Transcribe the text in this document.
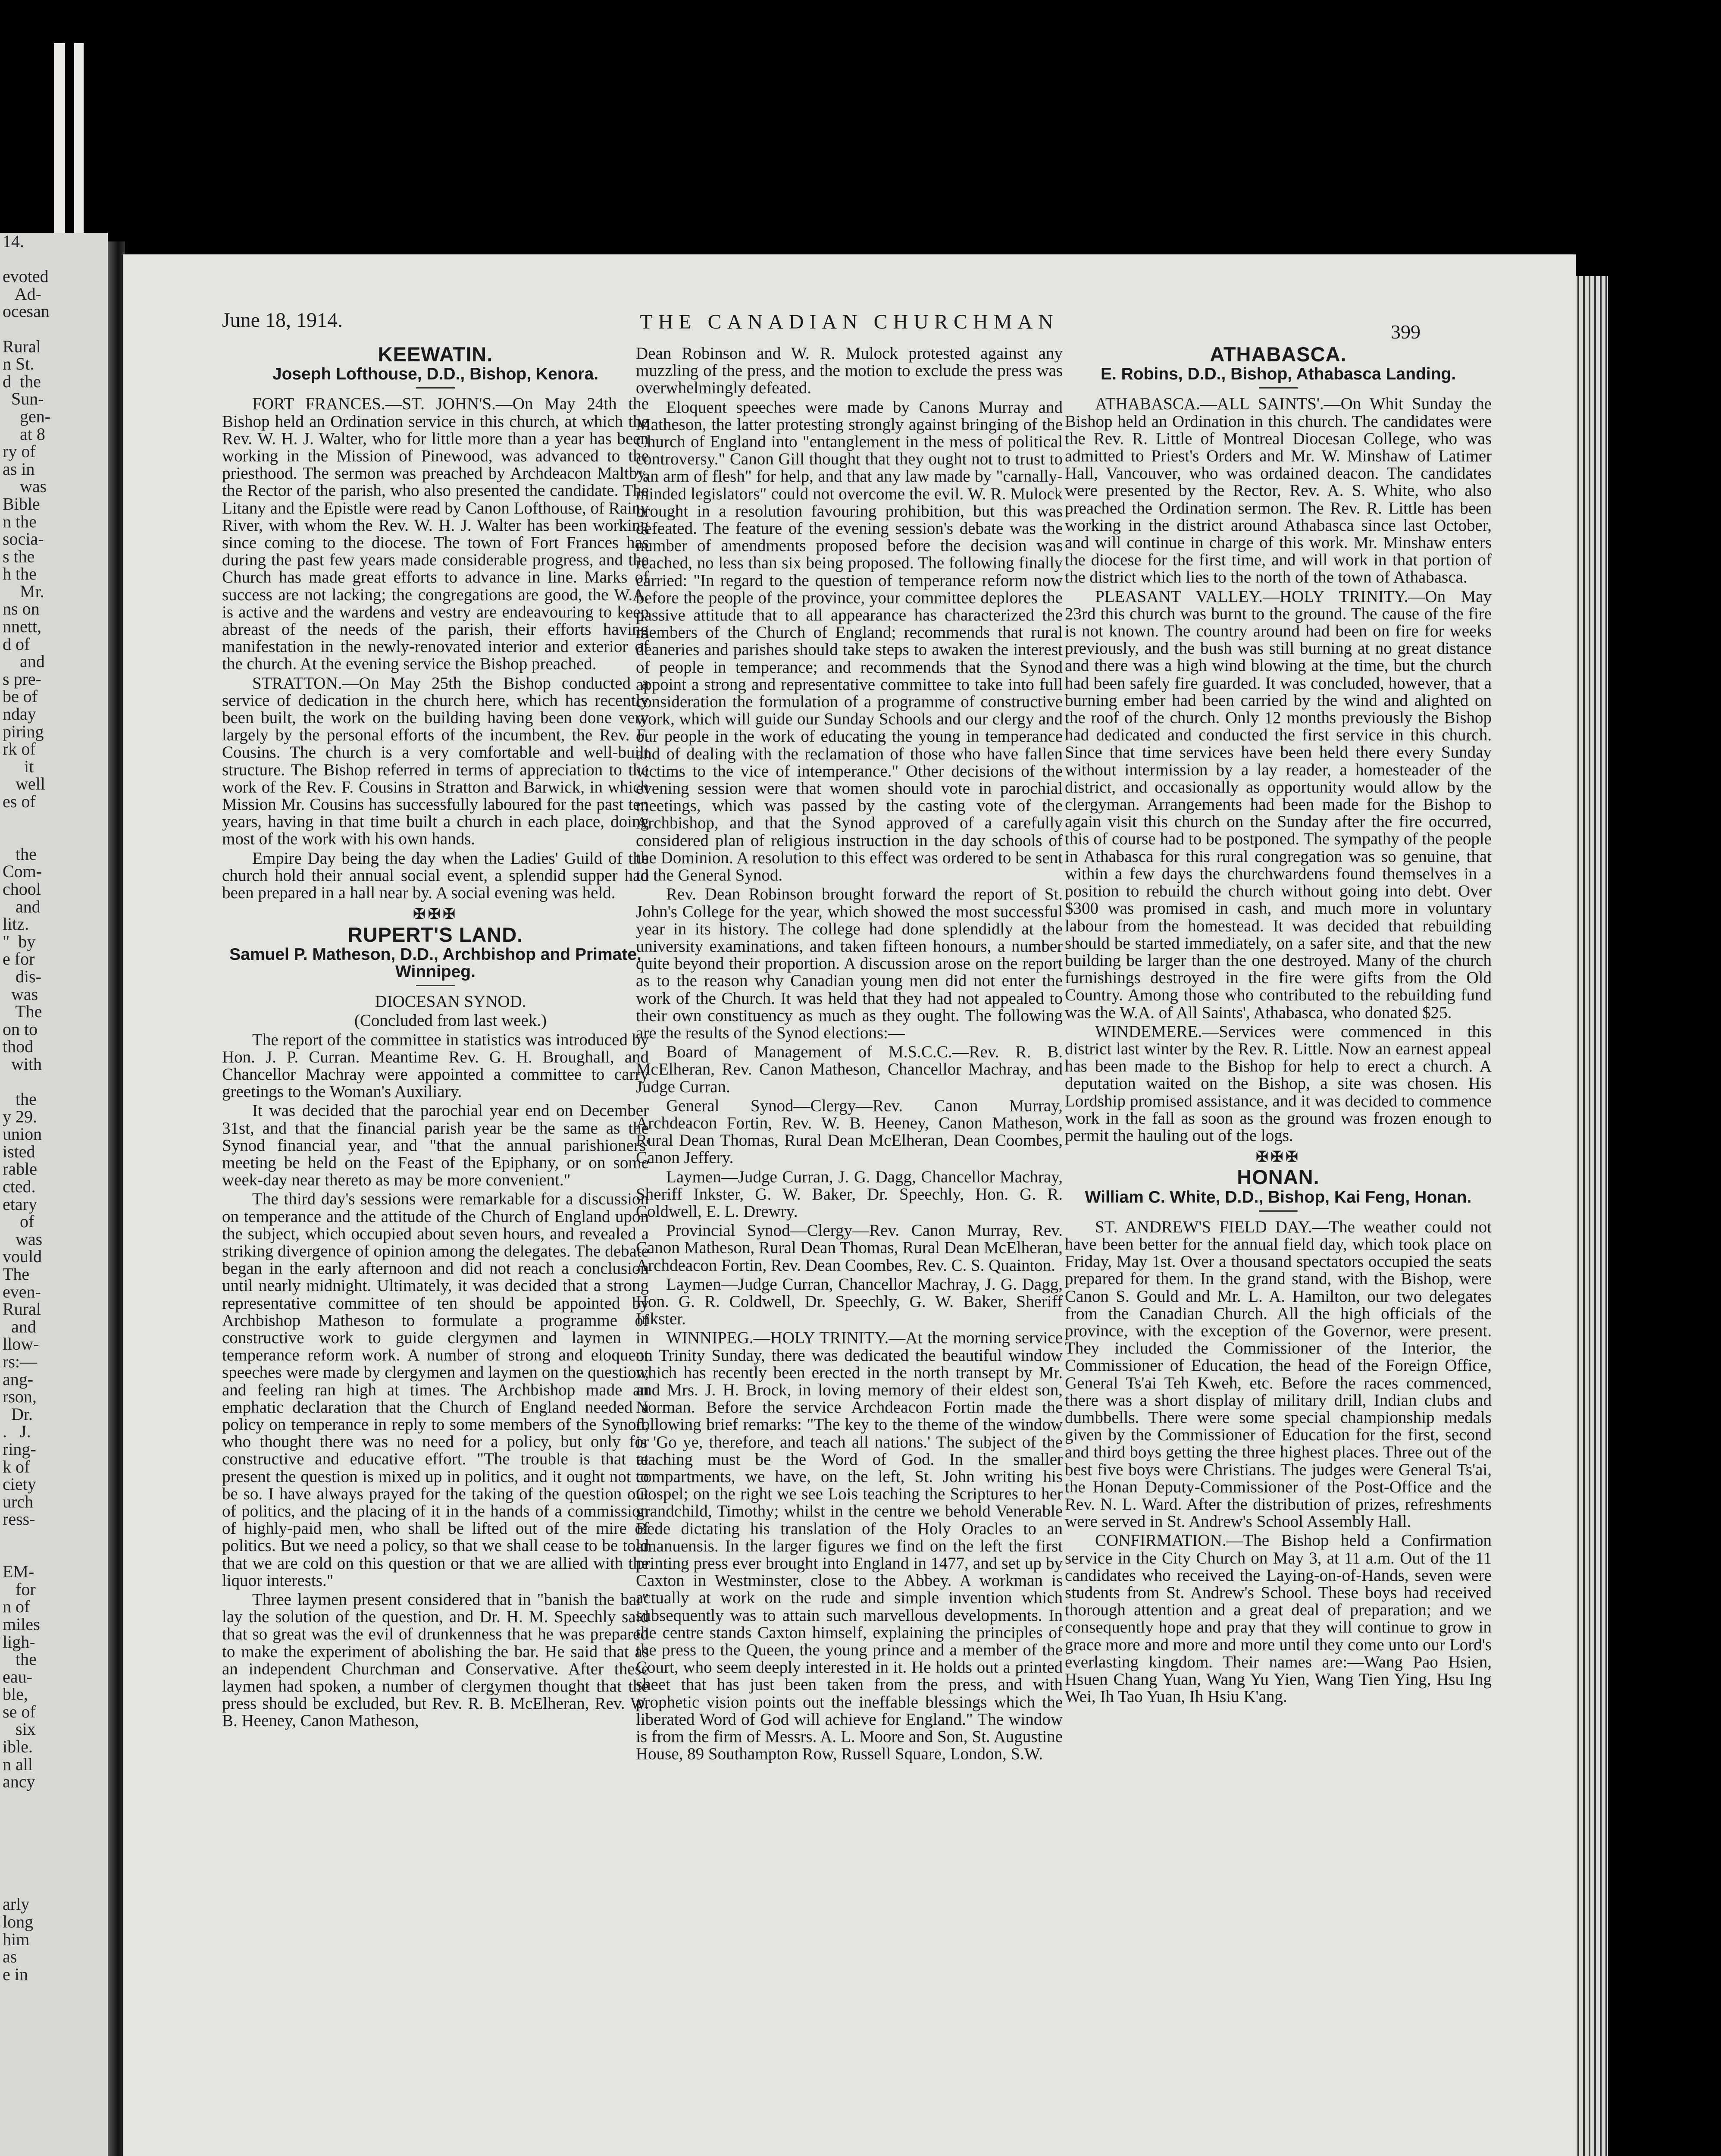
14.

evoted
Ad-
ocesan

Rural
n St.
d  the
Sun-
gen-
at 8
ry of
as in
was
Bible
n the
socia-
s the
h the
Mr.
ns on
nnett,
d of
and
s pre-
be of
nday
piring
rk of
it
well
es of

the
Com-
chool
and
litz.
"  by
e for
dis-
was
The
on to
thod
with

the
y 29.
union
isted
rable
cted.
etary
of
was
vould
The
even-
Rural
and
llow-
rs:—
ang-
rson,
Dr.
.   J.
ring-
k of
ciety
urch
ress-

EM-
for
n of
miles
ligh-
the
eau-
ble,
se of
six
ible.
n all
ancy

arly
long
him
as
e in
June 18, 1914.	THE CANADIAN CHURCHMAN	399
KEEWATIN.
Joseph Lofthouse, D.D., Bishop, Kenora.

FORT FRANCES.—ST. JOHN'S.—On May 24th the Bishop held an Ordination service in this church, at which the Rev. W. H. J. Walter, who for little more than a year has been working in the Mission of Pinewood, was advanced to the priesthood. The sermon was preached by Archdeacon Maltby, the Rector of the parish, who also presented the candidate. The Litany and the Epistle were read by Canon Lofthouse, of Rainy River, with whom the Rev. W. H. J. Walter has been working since coming to the diocese. The town of Fort Frances has during the past few years made considerable progress, and the Church has made great efforts to advance in line. Marks of success are not lacking; the congregations are good, the W.A. is active and the wardens and vestry are endeavouring to keep abreast of the needs of the parish, their efforts having manifestation in the newly-renovated interior and exterior of the church. At the evening service the Bishop preached.

STRATTON.—On May 25th the Bishop conducted a service of dedication in the church here, which has recently been built, the work on the building having been done very largely by the personal efforts of the incumbent, the Rev. F. Cousins. The church is a very comfortable and well-built structure. The Bishop referred in terms of appreciation to the work of the Rev. F. Cousins in Stratton and Barwick, in which Mission Mr. Cousins has successfully laboured for the past ten years, having in that time built a church in each place, doing most of the work with his own hands.

Empire Day being the day when the Ladies' Guild of the church hold their annual social event, a splendid supper had been prepared in a hall near by. A social evening was held.

✠✠✠
RUPERT'S LAND.
Samuel P. Matheson, D.D., Archbishop and Primate, Winnipeg.

DIOCESAN SYNOD.

(Concluded from last week.)

The report of the committee in statistics was introduced by Hon. J. P. Curran. Meantime Rev. G. H. Broughall, and Chancellor Machray were appointed a committee to carry greetings to the Woman's Auxiliary.

It was decided that the parochial year end on December 31st, and that the financial parish year be the same as the Synod financial year, and "that the annual parishioners' meeting be held on the Feast of the Epiphany, or on some week-day near thereto as may be more convenient."

The third day's sessions were remarkable for a discussion on temperance and the attitude of the Church of England upon the subject, which occupied about seven hours, and revealed a striking divergence of opinion among the delegates. The debate began in the early afternoon and did not reach a conclusion until nearly midnight. Ultimately, it was decided that a strong representative committee of ten should be appointed by Archbishop Matheson to formulate a programme of constructive work to guide clergymen and laymen in temperance reform work. A number of strong and eloquent speeches were made by clergymen and laymen on the question, and feeling ran high at times. The Archbishop made an emphatic declaration that the Church of England needed a policy on temperance in reply to some members of the Synod, who thought there was no need for a policy, but only for constructive and educative effort. "The trouble is that at present the question is mixed up in politics, and it ought not to be so. I have always prayed for the taking of the question out of politics, and the placing of it in the hands of a commission of highly-paid men, who shall be lifted out of the mire of politics. But we need a policy, so that we shall cease to be told that we are cold on this question or that we are allied with the liquor interests."

Three laymen present considered that in "banish the bar" lay the solution of the question, and Dr. H. M. Speechly said that so great was the evil of drunkenness that he was prepared to make the experiment of abolishing the bar. He said that as an independent Churchman and Conservative. After these laymen had spoken, a number of clergymen thought that the press should be excluded, but Rev. R. B. McElheran, Rev. W. B. Heeney, Canon Matheson,

Dean Robinson and W. R. Mulock protested against any muzzling of the press, and the motion to exclude the press was overwhelmingly defeated.

Eloquent speeches were made by Canons Murray and Matheson, the latter protesting strongly against bringing of the Church of England into "entanglement in the mess of political controversy." Canon Gill thought that they ought not to trust to "an arm of flesh" for help, and that any law made by "carnally-minded legislators" could not overcome the evil. W. R. Mulock brought in a resolution favouring prohibition, but this was defeated. The feature of the evening session's debate was the number of amendments proposed before the decision was reached, no less than six being proposed. The following finally carried: "In regard to the question of temperance reform now before the people of the province, your committee deplores the passive attitude that to all appearance has characterized the members of the Church of England; recommends that rural deaneries and parishes should take steps to awaken the interest of people in temperance; and recommends that the Synod appoint a strong and representative committee to take into full consideration the formulation of a programme of constructive work, which will guide our Sunday Schools and our clergy and our people in the work of educating the young in temperance and of dealing with the reclamation of those who have fallen victims to the vice of intemperance." Other decisions of the evening session were that women should vote in parochial meetings, which was passed by the casting vote of the Archbishop, and that the Synod approved of a carefully considered plan of religious instruction in the day schools of the Dominion. A resolution to this effect was ordered to be sent to the General Synod.

Rev. Dean Robinson brought forward the report of St. John's College for the year, which showed the most successful year in its history. The college had done splendidly at the university examinations, and taken fifteen honours, a number quite beyond their proportion. A discussion arose on the report as to the reason why Canadian young men did not enter the work of the Church. It was held that they had not appealed to their own constituency as much as they ought. The following are the results of the Synod elections:—

Board of Management of M.S.C.C.—Rev. R. B. McElheran, Rev. Canon Matheson, Chancellor Machray, and Judge Curran.

General Synod—Clergy—Rev. Canon Murray, Archdeacon Fortin, Rev. W. B. Heeney, Canon Matheson, Rural Dean Thomas, Rural Dean McElheran, Dean Coombes, Canon Jeffery.

Laymen—Judge Curran, J. G. Dagg, Chancellor Machray, Sheriff Inkster, G. W. Baker, Dr. Speechly, Hon. G. R. Coldwell, E. L. Drewry.

Provincial Synod—Clergy—Rev. Canon Murray, Rev. Canon Matheson, Rural Dean Thomas, Rural Dean McElheran, Archdeacon Fortin, Rev. Dean Coombes, Rev. C. S. Quainton.

Laymen—Judge Curran, Chancellor Machray, J. G. Dagg, Hon. G. R. Coldwell, Dr. Speechly, G. W. Baker, Sheriff Inkster.

WINNIPEG.—HOLY TRINITY.—At the morning service on Trinity Sunday, there was dedicated the beautiful window which has recently been erected in the north transept by Mr. and Mrs. J. H. Brock, in loving memory of their eldest son, Norman. Before the service Archdeacon Fortin made the following brief remarks: "The key to the theme of the window is 'Go ye, therefore, and teach all nations.' The subject of the teaching must be the Word of God. In the smaller compartments, we have, on the left, St. John writing his Gospel; on the right we see Lois teaching the Scriptures to her grandchild, Timothy; whilst in the centre we behold Venerable Bede dictating his translation of the Holy Oracles to an amanuensis. In the larger figures we find on the left the first printing press ever brought into England in 1477, and set up by Caxton in Westminster, close to the Abbey. A workman is actually at work on the rude and simple invention which subsequently was to attain such marvellous developments. In the centre stands Caxton himself, explaining the principles of the press to the Queen, the young prince and a member of the Court, who seem deeply interested in it. He holds out a printed sheet that has just been taken from the press, and with prophetic vision points out the ineffable blessings which the liberated Word of God will achieve for England." The window is from the firm of Messrs. A. L. Moore and Son, St. Augustine House, 89 Southampton Row, Russell Square, London, S.W.

ATHABASCA.
E. Robins, D.D., Bishop, Athabasca Landing.

ATHABASCA.—ALL SAINTS'.—On Whit Sunday the Bishop held an Ordination in this church. The candidates were the Rev. R. Little of Montreal Diocesan College, who was admitted to Priest's Orders and Mr. W. Minshaw of Latimer Hall, Vancouver, who was ordained deacon. The candidates were presented by the Rector, Rev. A. S. White, who also preached the Ordination sermon. The Rev. R. Little has been working in the district around Athabasca since last October, and will continue in charge of this work. Mr. Minshaw enters the diocese for the first time, and will work in that portion of the district which lies to the north of the town of Athabasca.

PLEASANT VALLEY.—HOLY TRINITY.—On May 23rd this church was burnt to the ground. The cause of the fire is not known. The country around had been on fire for weeks previously, and the bush was still burning at no great distance and there was a high wind blowing at the time, but the church had been safely fire guarded. It was concluded, however, that a burning ember had been carried by the wind and alighted on the roof of the church. Only 12 months previously the Bishop had dedicated and conducted the first service in this church. Since that time services have been held there every Sunday without intermission by a lay reader, a homesteader of the district, and occasionally as opportunity would allow by the clergyman. Arrangements had been made for the Bishop to again visit this church on the Sunday after the fire occurred, this of course had to be postponed. The sympathy of the people in Athabasca for this rural congregation was so genuine, that within a few days the churchwardens found themselves in a position to rebuild the church without going into debt. Over $300 was promised in cash, and much more in voluntary labour from the homestead. It was decided that rebuilding should be started immediately, on a safer site, and that the new building be larger than the one destroyed. Many of the church furnishings destroyed in the fire were gifts from the Old Country. Among those who contributed to the rebuilding fund was the W.A. of All Saints', Athabasca, who donated $25.

WINDEMERE.—Services were commenced in this district last winter by the Rev. R. Little. Now an earnest appeal has been made to the Bishop for help to erect a church. A deputation waited on the Bishop, a site was chosen. His Lordship promised assistance, and it was decided to commence work in the fall as soon as the ground was frozen enough to permit the hauling out of the logs.

✠✠✠
HONAN.
William C. White, D.D., Bishop, Kai Feng, Honan.

ST. ANDREW'S FIELD DAY.—The weather could not have been better for the annual field day, which took place on Friday, May 1st. Over a thousand spectators occupied the seats prepared for them. In the grand stand, with the Bishop, were Canon S. Gould and Mr. L. A. Hamilton, our two delegates from the Canadian Church. All the high officials of the province, with the exception of the Governor, were present. They included the Commissioner of the Interior, the Commissioner of Education, the head of the Foreign Office, General Ts'ai Teh Kweh, etc. Before the races commenced, there was a short display of military drill, Indian clubs and dumbbells. There were some special championship medals given by the Commissioner of Education for the first, second and third boys getting the three highest places. Three out of the best five boys were Christians. The judges were General Ts'ai, the Honan Deputy-Commissioner of the Post-Office and the Rev. N. L. Ward. After the distribution of prizes, refreshments were served in St. Andrew's School Assembly Hall.

CONFIRMATION.—The Bishop held a Confirmation service in the City Church on May 3, at 11 a.m. Out of the 11 candidates who received the Laying-on-of-Hands, seven were students from St. Andrew's School. These boys had received thorough attention and a great deal of preparation; and we consequently hope and pray that they will continue to grow in grace more and more and more until they come unto our Lord's everlasting kingdom. Their names are:—Wang Pao Hsien, Hsuen Chang Yuan, Wang Yu Yien, Wang Tien Ying, Hsu Ing Wei, Ih Tao Yuan, Ih Hsiu K'ang.
